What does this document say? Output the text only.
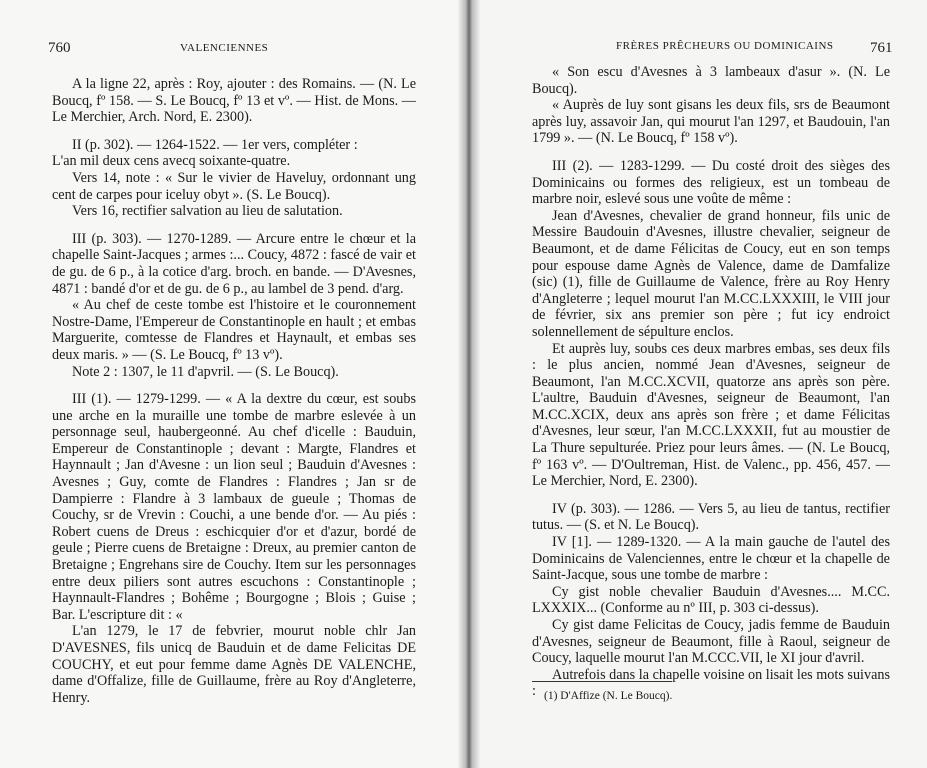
760	VALENCIENNES

A la ligne 22, après : Roy, ajouter : des Romains. — (N. Le Boucq, fº 158. — S. Le Boucq, fº 13 et vº. — Hist. de Mons. — Le Merchier, Arch. Nord, E. 2300).

II (p. 302). — 1264-1522. — 1er vers, compléter :

L'an mil deux cens avecq soixante-quatre.

Vers 14, note : « Sur le vivier de Haveluy, ordonnant ung cent de carpes pour iceluy obyt ». (S. Le Boucq).

Vers 16, rectifier salvation au lieu de salutation.

III (p. 303). — 1270-1289. — Arcure entre le chœur et la chapelle Saint-Jacques ; armes :... Coucy, 4872 : fascé de vair et de gu. de 6 p., à la cotice d'arg. broch. en bande. — D'Avesnes, 4871 : bandé d'or et de gu. de 6 p., au lambel de 3 pend. d'arg.

« Au chef de ceste tombe est l'histoire et le couronnement Nostre-Dame, l'Empereur de Constantinople en hault ; et embas Marguerite, comtesse de Flandres et Haynault, et embas ses deux maris. » — (S. Le Boucq, fº 13 vº).

Note 2 : 1307, le 11 d'apvril. — (S. Le Boucq).

III (1). — 1279-1299. — « A la dextre du cœur, est soubs une arche en la muraille une tombe de marbre eslevée à un personnage seul, haubergeonné. Au chef d'icelle : Bauduin, Empereur de Constantinople ; devant : Margte, Flandres et Haynnault ; Jan d'Avesne : un lion seul ; Bauduin d'Avesnes : Avesnes ; Guy, comte de Flandres : Flandres ; Jan sr de Dampierre : Flandre à 3 lambaux de gueule ; Thomas de Couchy, sr de Vrevin : Couchi, a une bende d'or. — Au piés : Robert cuens de Dreus : eschicquier d'or et d'azur, bordé de geule ; Pierre cuens de Bretaigne : Dreux, au premier canton de Bretaigne ; Engrehans sire de Couchy. Item sur les personnages entre deux piliers sont autres escuchons : Constantinople ; Haynnault-Flandres ; Bohême ; Bourgogne ; Blois ; Guise ; Bar. L'escripture dit : «

L'an 1279, le 17 de febvrier, mourut noble chlr Jan D'AVESNES, fils unicq de Bauduin et de dame Felicitas DE COUCHY, et eut pour femme dame Agnès DE VALENCHE, dame d'Offalize, fille de Guillaume, frère au Roy d'Angleterre, Henry.

FRÈRES PRÊCHEURS OU DOMINICAINS 761

« Son escu d'Avesnes à 3 lambeaux d'asur ». (N. Le Boucq).

« Auprès de luy sont gisans les deux fils, srs de Beaumont après luy, assavoir Jan, qui mourut l'an 1297, et Baudouin, l'an 1799 ». — (N. Le Boucq, fº 158 vº).

III (2). — 1283-1299. — Du costé droit des sièges des Dominicains ou formes des religieux, est un tombeau de marbre noir, eslevé sous une voûte de même :

Jean d'Avesnes, chevalier de grand honneur, fils unic de Messire Baudouin d'Avesnes, illustre chevalier, seigneur de Beaumont, et de dame Félicitas de Coucy, eut en son temps pour espouse dame Agnès de Valence, dame de Damfalize (sic) (1), fille de Guillaume de Valence, frère au Roy Henry d'Angleterre ; lequel mourut l'an M.CC.LXXXIII, le VIII jour de février, six ans premier son père ; fut icy endroict solennellement de sépulture enclos.

Et auprès luy, soubs ces deux marbres embas, ses deux fils : le plus ancien, nommé Jean d'Avesnes, seigneur de Beaumont, l'an M.CC.XCVII, quatorze ans après son père. L'aultre, Bauduin d'Avesnes, seigneur de Beaumont, l'an M.CC.XCIX, deux ans après son frère ; et dame Félicitas d'Avesnes, leur sœur, l'an M.CC.LXXXII, fut au moustier de La Thure sepulturée. Priez pour leurs âmes. — (N. Le Boucq, fº 163 vº. — D'Oultreman, Hist. de Valenc., pp. 456, 457. — Le Merchier, Nord, E. 2300).

IV (p. 303). — 1286. — Vers 5, au lieu de tantus, rectifier tutus. — (S. et N. Le Boucq).

IV [1]. — 1289-1320. — A la main gauche de l'autel des Dominicains de Valenciennes, entre le chœur et la chapelle de Saint-Jacque, sous une tombe de marbre :

Cy gist noble chevalier Bauduin d'Avesnes.... M.CC. LXXXIX... (Conforme au nº III, p. 303 ci-dessus).

Cy gist dame Felicitas de Coucy, jadis femme de Bauduin d'Avesnes, seigneur de Beaumont, fille à Raoul, seigneur de Coucy, laquelle mourut l'an M.CCC.VII, le XI jour d'avril.

Autrefois dans la chapelle voisine on lisait les mots suivans : (1) D'Affize (N. Le Boucq).
